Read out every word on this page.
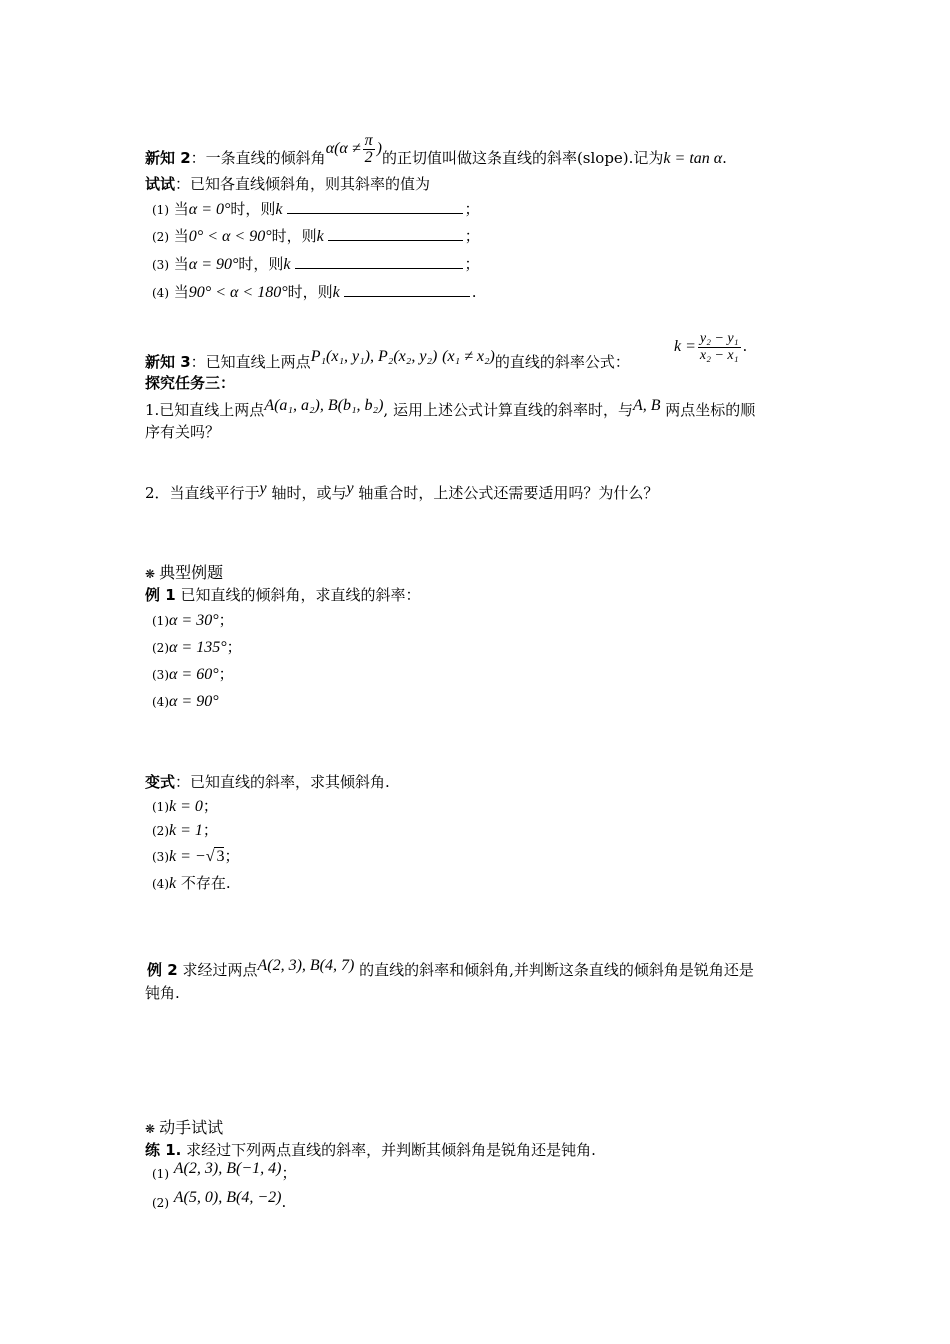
新知 2：一条直线的倾斜角$\alpha(\alpha \ne \frac{\pi}{2}$ )的正切值叫做这条直线的斜率(slope).记为k = tan α.
试试：已知各直线倾斜角，则其斜率的值为
(1) 当α = 0°时，则k	；
(2) 当0° < α < 90°时，则k	；
(3) 当α = 90°时，则k	；
(4) 当90° < α < 180°时，则k	.
新知 3：已知直线上两点P₁(x₁, y₁), P₂(x₂, y₂) (x₁ ≠ x₂)的直线的斜率公式：
$k = \frac{\text{y₂ − y₁}}{\text{x₂ − x₁}}$ .
探究任务三：
1.已知直线上两点A(a₁, a₂), B(b₁, b₂), 运用上述公式计算直线的斜率时，与A, B 两点坐标的顺
序有关吗？
2．当直线平行于y 轴时，或与y 轴重合时，上述公式还需要适用吗？为什么？
❋ 典型例题
例 1 已知直线的倾斜角，求直线的斜率：
(1)α = 30°；
(2)α = 135°；
(3)α = 60°；
(4)α = 90°
变式：已知直线的斜率，求其倾斜角.
(1)k = 0；
(2)k = 1；
(3)k = −√ 3；
(4)k 不存在.
例 2 求经过两点A(2, 3), B(4, 7) 的直线的斜率和倾斜角,并判断这条直线的倾斜角是锐角还是
钝角.
❋ 动手试试
练 1. 求经过下列两点直线的斜率，并判断其倾斜角是锐角还是钝角.
(1) A(2, 3), B(−1, 4)；
(2) A(5, 0), B(4, −2).
